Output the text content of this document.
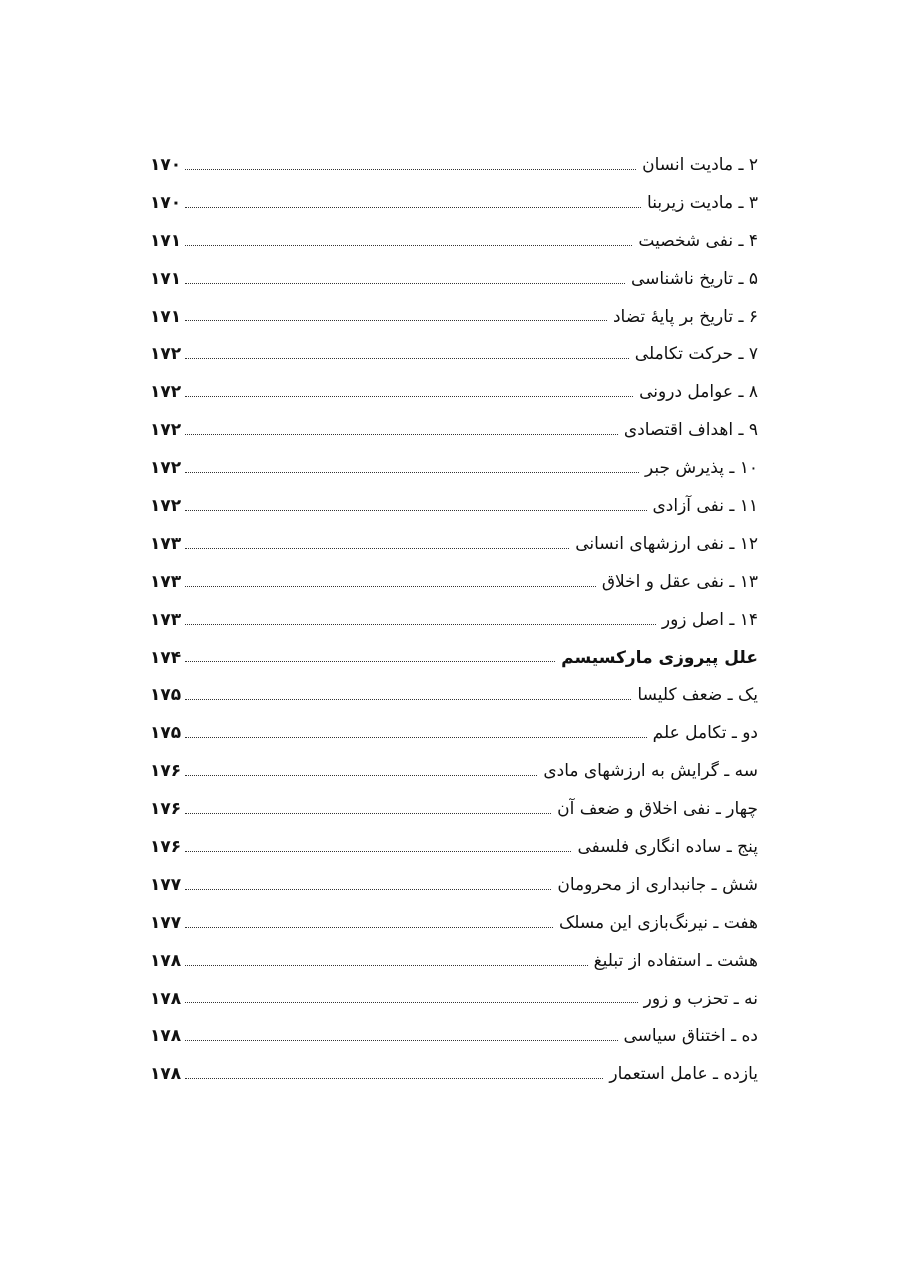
۲ ـ مادیت انسان
۱۷۰
۳ ـ مادیت زیربنا
۱۷۰
۴ ـ نفی شخصیت
۱۷۱
۵ ـ تاریخ ناشناسی
۱۷۱
۶ ـ تاریخ بر پایهٔ تضاد
۱۷۱
۷ ـ حرکت تکاملی
۱۷۲
۸ ـ عوامل درونی
۱۷۲
۹ ـ اهداف اقتصادی
۱۷۲
۱۰ ـ پذیرش جبر
۱۷۲
۱۱ ـ نفی آزادی
۱۷۲
۱۲ ـ نفی ارزشهای انسانی
۱۷۳
۱۳ ـ نفی عقل و اخلاق
۱۷۳
۱۴ ـ اصل زور
۱۷۳
علل پیروزی مارکسیسم
۱۷۴
یک ـ ضعف کلیسا
۱۷۵
دو ـ تکامل علم
۱۷۵
سه ـ گرایش به ارزشهای مادی
۱۷۶
چهار ـ نفی اخلاق و ضعف آن
۱۷۶
پنج ـ ساده انگاری فلسفی
۱۷۶
شش ـ جانبداری از محرومان
۱۷۷
هفت ـ نیرنگ‌بازی این مسلک
۱۷۷
هشت ـ استفاده از تبلیغ
۱۷۸
نه ـ تحزب و زور
۱۷۸
ده ـ اختناق سیاسی
۱۷۸
یازده ـ عامل استعمار
۱۷۸
